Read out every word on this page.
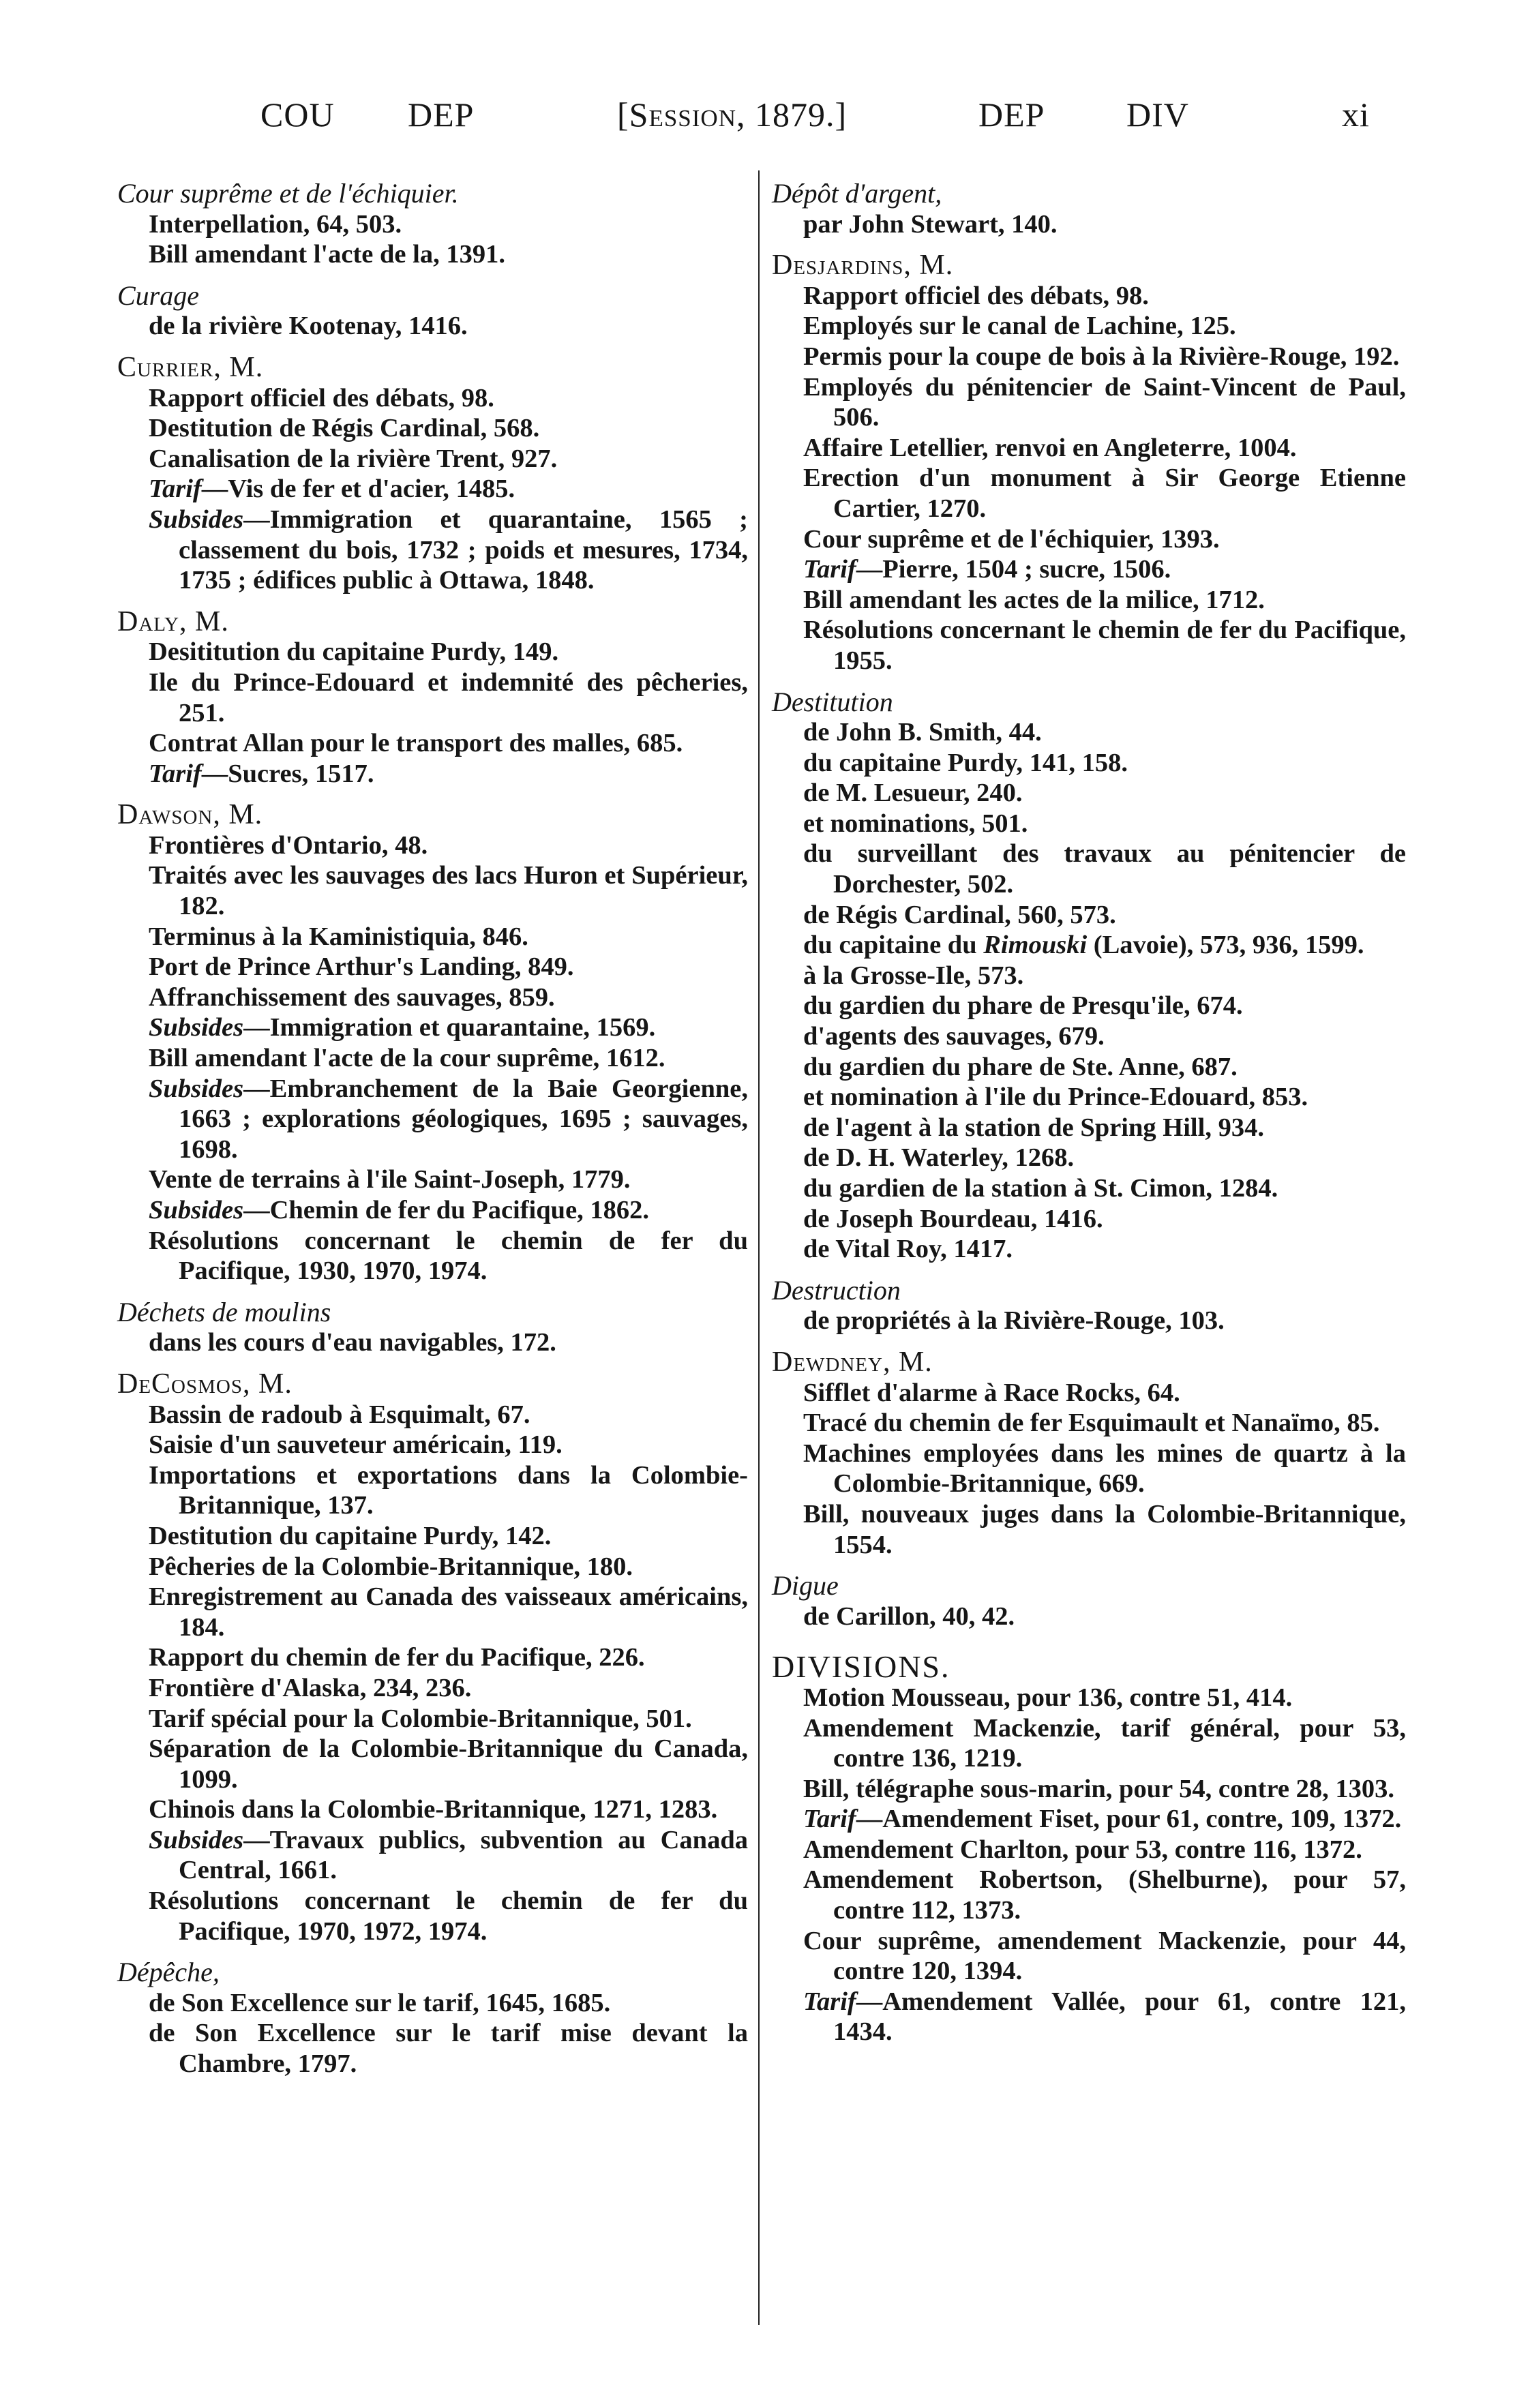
COU DEP	[Session, 1879.]	DEP DIV	xi
Cour suprême et de l'échiquier.
Interpellation, 64, 503.
Bill amendant l'acte de la, 1391.
Curage
de la rivière Kootenay, 1416.
Currier, M.
Rapport officiel des débats, 98.
Destitution de Régis Cardinal, 568.
Canalisation de la rivière Trent, 927.
Tarif — Vis de fer et d'acier, 1485.
Subsides — Immigration et quarantaine, 1565 ; classement du bois, 1732 ; poids et mesures, 1734, 1735 ; édifices public à Ottawa, 1848.
Daly, M.
Desititution du capitaine Purdy, 149.
Ile du Prince-Edouard et indemnité des pêcheries, 251.
Contrat Allan pour le transport des malles, 685.
Tarif — Sucres, 1517.
Dawson, M.
Frontières d'Ontario, 48.
Traités avec les sauvages des lacs Huron et Supérieur, 182.
Terminus à la Kaministiquia, 846.
Port de Prince Arthur's Landing, 849.
Affranchissement des sauvages, 859.
Subsides — Immigration et quarantaine, 1569.
Bill amendant l'acte de la cour suprême, 1612.
Subsides — Embranchement de la Baie Georgienne, 1663 ; explorations géologiques, 1695 ; sauvages, 1698.
Vente de terrains à l'ile Saint-Joseph, 1779.
Subsides — Chemin de fer du Pacifique, 1862.
Résolutions concernant le chemin de fer du Pacifique, 1930, 1970, 1974.
Déchets de moulins
dans les cours d'eau navigables, 172.
DeCosmos, M.
Bassin de radoub à Esquimalt, 67.
Saisie d'un sauveteur américain, 119.
Importations et exportations dans la Colombie-Britannique, 137.
Destitution du capitaine Purdy, 142.
Pêcheries de la Colombie-Britannique, 180.
Enregistrement au Canada des vaisseaux américains, 184.
Rapport du chemin de fer du Pacifique, 226.
Frontière d'Alaska, 234, 236.
Tarif spécial pour la Colombie-Britannique, 501.
Séparation de la Colombie-Britannique du Canada, 1099.
Chinois dans la Colombie-Britannique, 1271, 1283.
Subsides — Travaux publics, subvention au Canada Central, 1661.
Résolutions concernant le chemin de fer du Pacifique, 1970, 1972, 1974.
Dépêche,
de Son Excellence sur le tarif, 1645, 1685.
de Son Excellence sur le tarif mise devant la Chambre, 1797.
Dépôt d'argent,
par John Stewart, 140.
Desjardins, M.
Rapport officiel des débats, 98.
Employés sur le canal de Lachine, 125.
Permis pour la coupe de bois à la Rivière-Rouge, 192.
Employés du pénitencier de Saint-Vincent de Paul, 506.
Affaire Letellier, renvoi en Angleterre, 1004.
Erection d'un monument à Sir George Etienne Cartier, 1270.
Cour suprême et de l'échiquier, 1393.
Tarif — Pierre, 1504 ; sucre, 1506.
Bill amendant les actes de la milice, 1712.
Résolutions concernant le chemin de fer du Pacifique, 1955.
Destitution
de John B. Smith, 44.
du capitaine Purdy, 141, 158.
de M. Lesueur, 240.
et nominations, 501.
du surveillant des travaux au pénitencier de Dorchester, 502.
de Régis Cardinal, 560, 573.
du capitaine du Rimouski (Lavoie), 573, 936, 1599.
à la Grosse-Ile, 573.
du gardien du phare de Presqu'ile, 674.
d'agents des sauvages, 679.
du gardien du phare de Ste. Anne, 687.
et nomination à l'ile du Prince-Edouard, 853.
de l'agent à la station de Spring Hill, 934.
de D. H. Waterley, 1268.
du gardien de la station à St. Cimon, 1284.
de Joseph Bourdeau, 1416.
de Vital Roy, 1417.
Destruction
de propriétés à la Rivière-Rouge, 103.
Dewdney, M.
Sifflet d'alarme à Race Rocks, 64.
Tracé du chemin de fer Esquimault et Nanaïmo, 85.
Machines employées dans les mines de quartz à la Colombie-Britannique, 669.
Bill, nouveaux juges dans la Colombie-Britannique, 1554.
Digue
de Carillon, 40, 42.
DIVISIONS.
Motion Mousseau, pour 136, contre 51, 414.
Amendement Mackenzie, tarif général, pour 53, contre 136, 1219.
Bill, télégraphe sous-marin, pour 54, contre 28, 1303.
Tarif — Amendement Fiset, pour 61, contre, 109, 1372.
Amendement Charlton, pour 53, contre 116, 1372.
Amendement Robertson, (Shelburne), pour 57, contre 112, 1373.
Cour suprême, amendement Mackenzie, pour 44, contre 120, 1394.
Tarif — Amendement Vallée, pour 61, contre 121, 1434.
